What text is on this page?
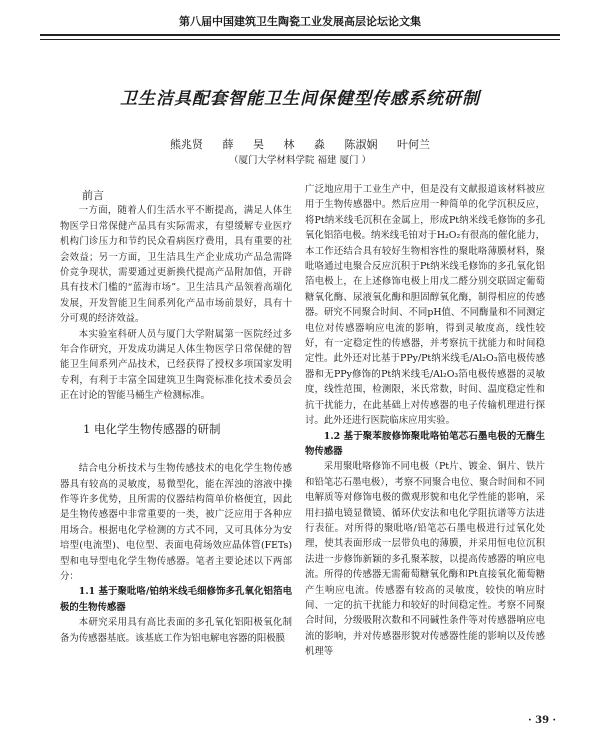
第八届中国建筑卫生陶瓷工业发展高层论坛论文集
卫生洁具配套智能卫生间保健型传感系统研制
熊兆贤 薛 昊 林 淼 陈淑娴 叶何兰
（厦门大学材料学院 福建 厦门 ）

前言

一方面，随着人们生活水平不断提高，满足人体生物医学日常保健产品具有实际需求，有望缓解专业医疗机构门诊压力和节约民众看病医疗费用，具有重要的社会效益；另一方面，卫生洁具生产企业成功产品急需降价竞争现状，需要通过更新换代提高产品附加值，开辟具有技术门槛的“蓝海市场”。卫生洁具产品领着高端化发展，开发智能卫生间系列化产品市场前景好，具有十分可观的经济效益。

本实验室科研人员与厦门大学附属第一医院经过多年合作研究，开发成功满足人体生物医学日常保健的智能卫生间系列产品技术，已经获得了授权多项国家发明专利，有利于丰富全国建筑卫生陶瓷标准化技术委员会正在讨论的智能马桶生产检测标准。

1 电化学生物传感器的研制

结合电分析技术与生物传感技术的电化学生物传感器具有较高的灵敏度，易微型化，能在浑浊的溶液中操作等许多优势，且所需的仪器结构简单价格便宜，因此是生物传感器中非常重要的一类，被广泛应用于各种应用场合。根据电化学检测的方式不同，又可具体分为安培型(电流型)、电位型、表面电荷场效应晶体管(FETs)型和电导型电化学生物传感器。笔者主要论述以下两部分：

1.1 基于聚吡咯/铂纳米线毛细修饰多孔氧化铝箔电极的生物传感器

本研究采用具有高比表面的多孔氧化铝阳极氧化制备为传感器基底。该基底工作为铝电解电容器的阳极膜

广泛地应用于工业生产中，但是没有文献报道该材料被应用于生物传感器中。然后应用一种简单的化学沉积反应，将Pt纳米线毛沉积在金属上，形成Pt纳米线毛修饰的多孔氧化铝箔电极。纳米线毛铂对于H₂O₂有很高的催化能力，本工作还结合具有较好生物相容性的聚吡咯薄膜材料，聚吡咯通过电聚合反应沉积于Pt纳米线毛修饰的多孔氧化铝箔电极上，在上述修饰电极上用戊二醛分别交联固定葡萄糖氧化酶、尿液氧化酶和胆固醇氧化酶，制得相应的传感器。研究不同聚合时间、不同pH值、不同酶量和不同测定电位对传感器响应电流的影响，得到灵敏度高，线性较好，有一定稳定性的传感器，并考察抗干扰能力和时间稳定性。此外还对比基于PPy/Pt纳米线毛/Al₂O₃箔电极传感器和无PPy修饰的Pt纳米线毛/Al₂O₃箔电极传感器的灵敏度，线性范围，检测限，米氏常数，时间、温度稳定性和抗干扰能力，在此基础上对传感器的电子传输机理进行探讨。此外还进行医院临床应用实验。

1.2 基于聚苯胺修饰聚吡咯铂笔芯石墨电极的无酶生物传感器

采用聚吡咯修饰不同电极（Pt片、镀金、铜片、铁片和铅笔芯石墨电极），考察不同聚合电位、聚合时间和不同电解质等对修饰电极的微观形貌和电化学性能的影响，采用扫描电镜显微镜、循环伏安法和电化学阻抗谱等方法进行表征。对所得的聚吡咯/铅笔芯石墨电极进行过氧化处理，使其表面形成一层带负电的薄膜，并采用恒电位沉积法进一步修饰新颖的多孔聚苯胺，以提高传感器的响应电流。所得的传感器无需葡萄糖氧化酶和Pt直接氧化葡萄糖产生响应电流。传感器有较高的灵敏度，较快的响应时间、一定的抗干扰能力和较好的时间稳定性。考察不同聚合时间，分级吸附次数和不同碱性条件等对传感器响应电流的影响，并对传感器形貌对传感器性能的影响以及传感机理等

· 39 ·
